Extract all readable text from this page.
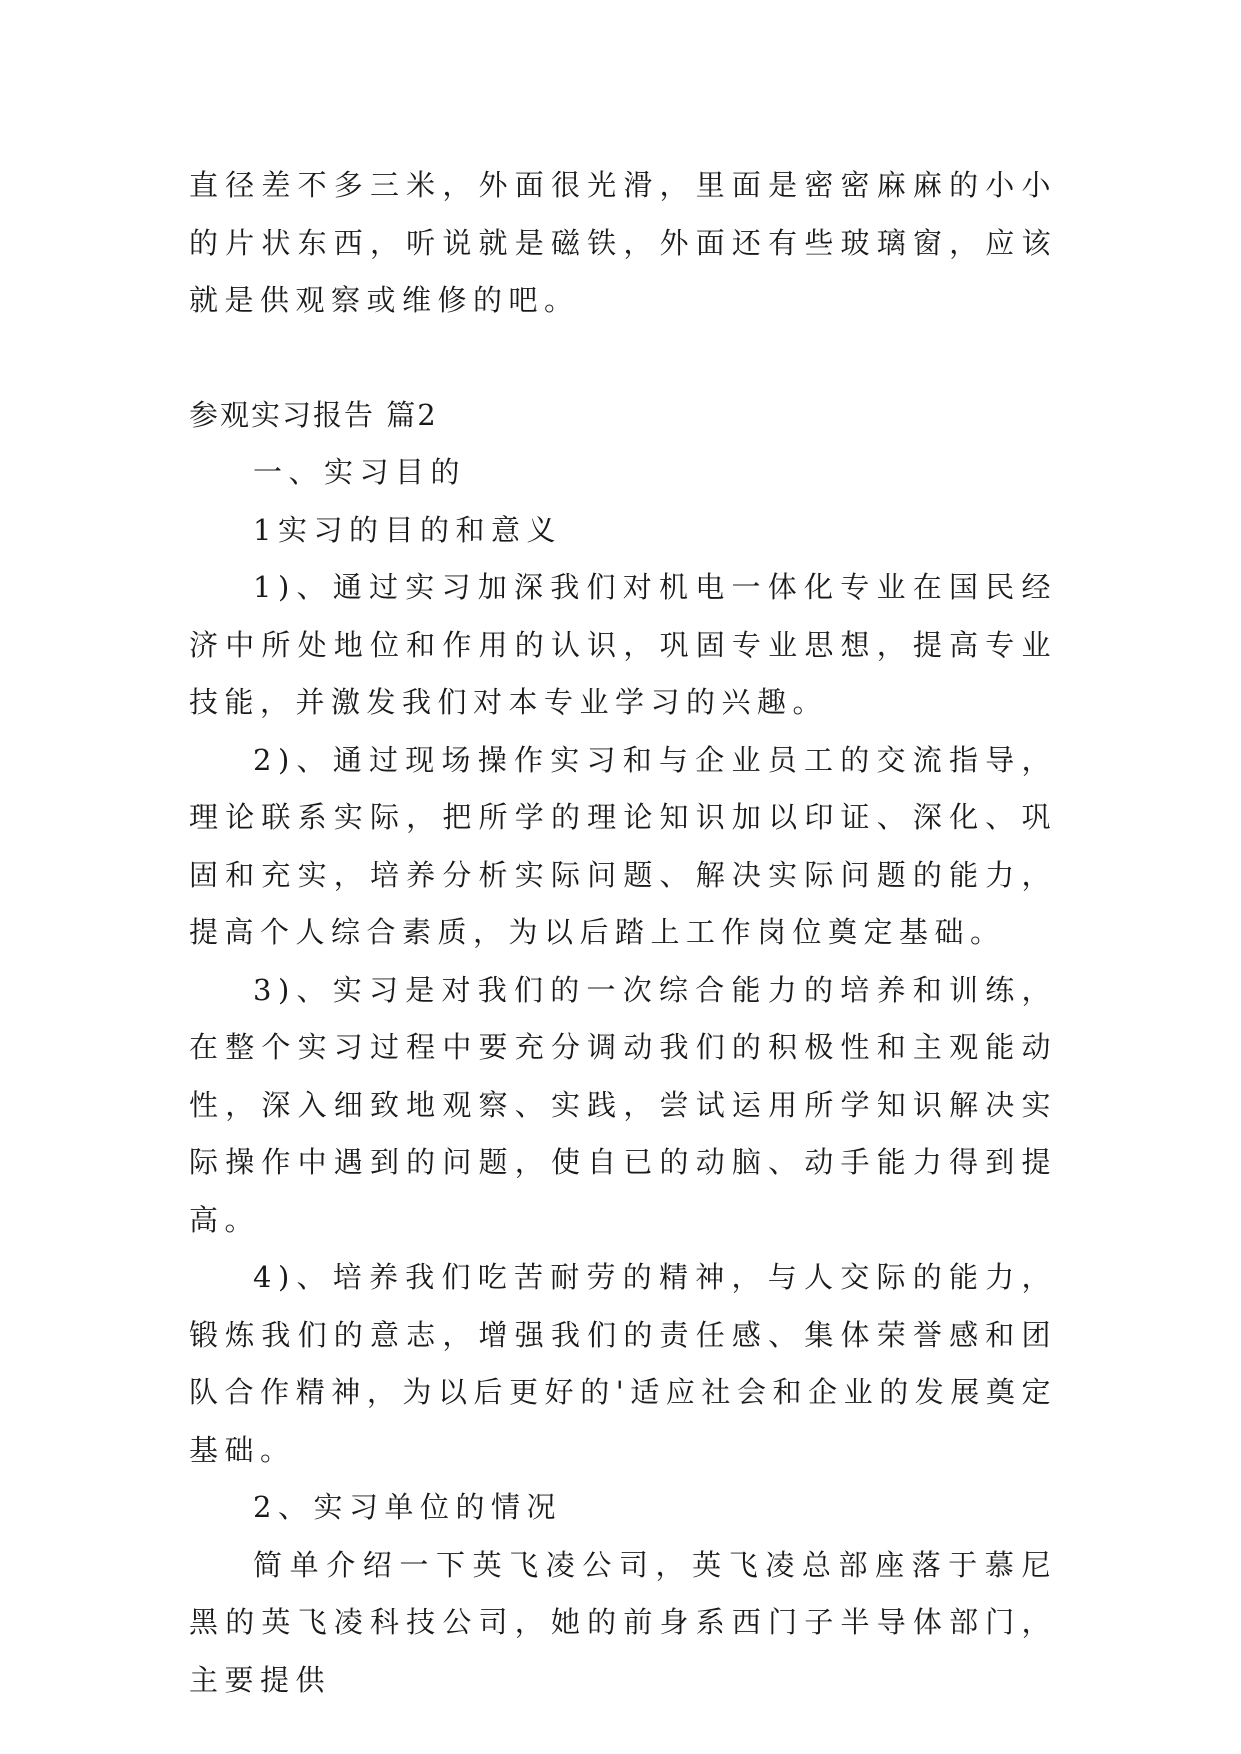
直径差不多三米，外面很光滑，里面是密密麻麻的小小的片状东西，听说就是磁铁，外面还有些玻璃窗，应该就是供观察或维修的吧。

参观实习报告 篇2

一、实习目的

1实习的目的和意义

1)、通过实习加深我们对机电一体化专业在国民经济中所处地位和作用的认识，巩固专业思想，提高专业技能，并激发我们对本专业学习的兴趣。

2)、通过现场操作实习和与企业员工的交流指导，理论联系实际，把所学的理论知识加以印证、深化、巩固和充实，培养分析实际问题、解决实际问题的能力，提高个人综合素质，为以后踏上工作岗位奠定基础。

3)、实习是对我们的一次综合能力的培养和训练，在整个实习过程中要充分调动我们的积极性和主观能动性，深入细致地观察、实践，尝试运用所学知识解决实际操作中遇到的问题，使自已的动脑、动手能力得到提高。

4)、培养我们吃苦耐劳的精神，与人交际的能力，锻炼我们的意志，增强我们的责任感、集体荣誉感和团队合作精神，为以后更好的'适应社会和企业的发展奠定基础。

2、实习单位的情况

简单介绍一下英飞凌公司，英飞凌总部座落于慕尼黑的英飞凌科技公司，她的前身系西门子半导体部门，主要提供
